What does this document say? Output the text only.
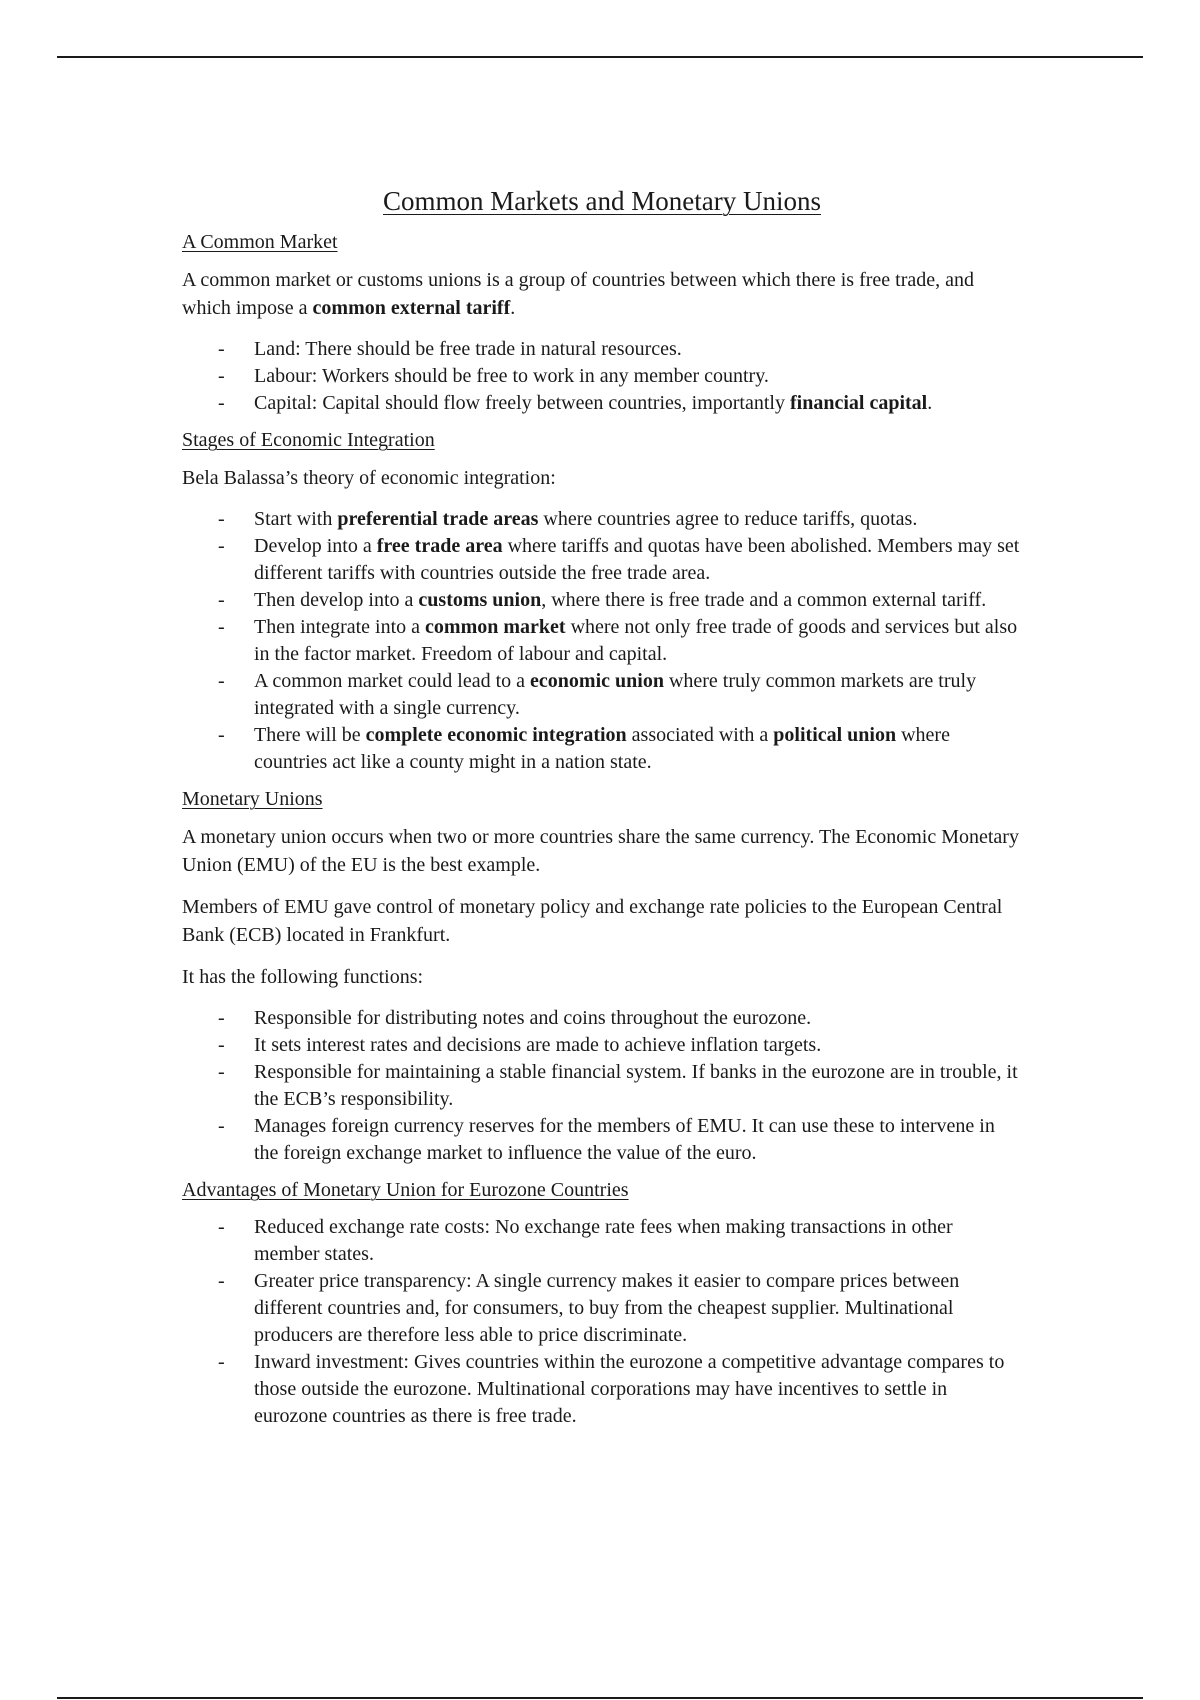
Common Markets and Monetary Unions
A Common Market

A common market or customs unions is a group of countries between which there is free trade, and which impose a common external tariff.

- Land: There should be free trade in natural resources.
- Labour: Workers should be free to work in any member country.
- Capital: Capital should flow freely between countries, importantly financial capital.
Stages of Economic Integration

Bela Balassa’s theory of economic integration:

- Start with preferential trade areas where countries agree to reduce tariffs, quotas.
- Develop into a free trade area where tariffs and quotas have been abolished. Members may set different tariffs with countries outside the free trade area.
- Then develop into a customs union, where there is free trade and a common external tariff.
- Then integrate into a common market where not only free trade of goods and services but also in the factor market. Freedom of labour and capital.
- A common market could lead to a economic union where truly common markets are truly integrated with a single currency.
- There will be complete economic integration associated with a political union where countries act like a county might in a nation state.
Monetary Unions

A monetary union occurs when two or more countries share the same currency. The Economic Monetary Union (EMU) of the EU is the best example.

Members of EMU gave control of monetary policy and exchange rate policies to the European Central Bank (ECB) located in Frankfurt.

It has the following functions:

- Responsible for distributing notes and coins throughout the eurozone.
- It sets interest rates and decisions are made to achieve inflation targets.
- Responsible for maintaining a stable financial system. If banks in the eurozone are in trouble, it the ECB’s responsibility.
- Manages foreign currency reserves for the members of EMU. It can use these to intervene in the foreign exchange market to influence the value of the euro.
Advantages of Monetary Union for Eurozone Countries
- Reduced exchange rate costs: No exchange rate fees when making transactions in other member states.
- Greater price transparency: A single currency makes it easier to compare prices between different countries and, for consumers, to buy from the cheapest supplier. Multinational producers are therefore less able to price discriminate.
- Inward investment: Gives countries within the eurozone a competitive advantage compares to those outside the eurozone. Multinational corporations may have incentives to settle in eurozone countries as there is free trade.
